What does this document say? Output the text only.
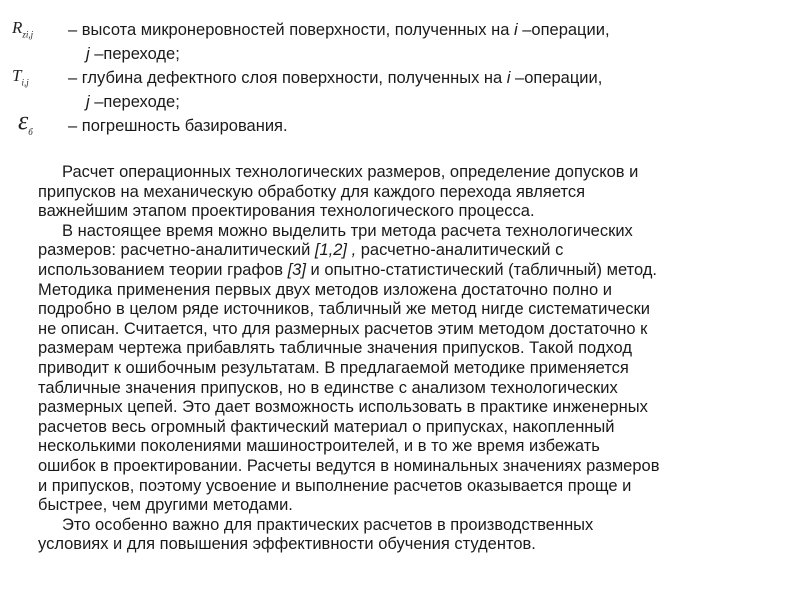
$R_{zi,j}$	– высота микронеровностей поверхности, полученных на i –операции,
j –переходе;
$T_{i,j}$	– глубина дефектного слоя поверхности, полученных на i –операции,
j –переходе;
$\varepsilon_б$	– погрешность базирования.

Расчет операционных технологических размеров, определение допусков и
припусков на механическую обработку для каждого перехода является
важнейшим этапом проектирования технологического процесса.

В настоящее время можно выделить три метода расчета технологических
размеров: расчетно-аналитический [1,2] , расчетно-аналитический с
использованием теории графов [3] и опытно-статистический (табличный) метод.
Методика применения первых двух методов изложена достаточно полно и
подробно в целом ряде источников, табличный же метод нигде систематически
не описан. Считается, что для размерных расчетов этим методом достаточно к
размерам чертежа прибавлять табличные значения припусков. Такой подход
приводит к ошибочным результатам. В предлагаемой методике применяется
табличные значения припусков, но в единстве с анализом технологических
размерных цепей. Это дает возможность использовать в практике инженерных
расчетов весь огромный фактический материал о припусках, накопленный
несколькими поколениями машиностроителей, и в то же время избежать
ошибок в проектировании. Расчеты ведутся в номинальных значениях размеров
и припусков, поэтому усвоение и выполнение расчетов оказывается проще и
быстрее, чем другими методами.

Это особенно важно для практических расчетов в производственных
условиях и для повышения эффективности обучения студентов.
